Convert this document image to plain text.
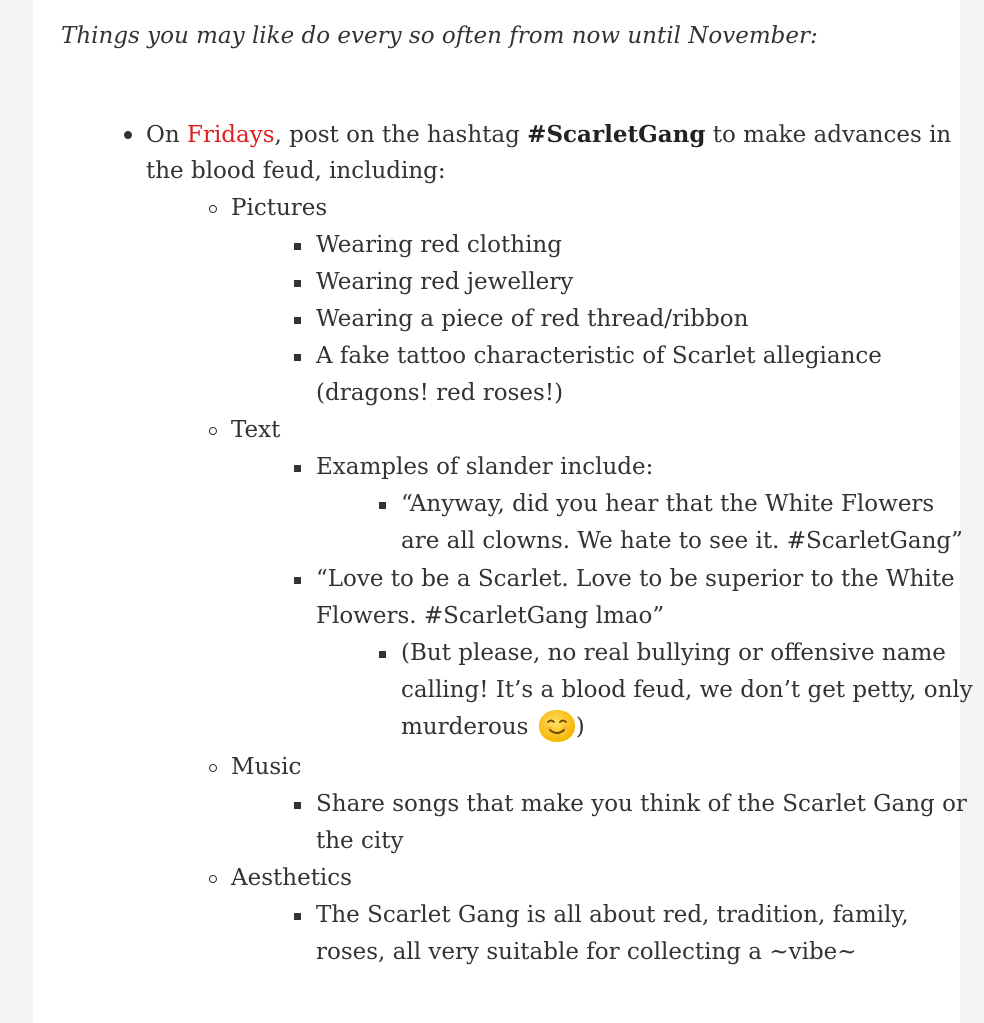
Things you may like do every so often from now until November:

On Fridays, post on the hashtag #ScarletGang to make advances in

the blood feud, including:

Pictures

Wearing red clothing

Wearing red jewellery

Wearing a piece of red thread/ribbon

A fake tattoo characteristic of Scarlet allegiance

(dragons! red roses!)

Text

Examples of slander include:

“Anyway, did you hear that the White Flowers

are all clowns. We hate to see it. #ScarletGang”

“Love to be a Scarlet. Love to be superior to the White

Flowers. #ScarletGang lmao”

(But please, no real bullying or offensive name

calling! It’s a blood feud, we don’t get petty, only

murderous
)

Music

Share songs that make you think of the Scarlet Gang or

the city

Aesthetics

The Scarlet Gang is all about red, tradition, family,

roses, all very suitable for collecting a ~vibe~
